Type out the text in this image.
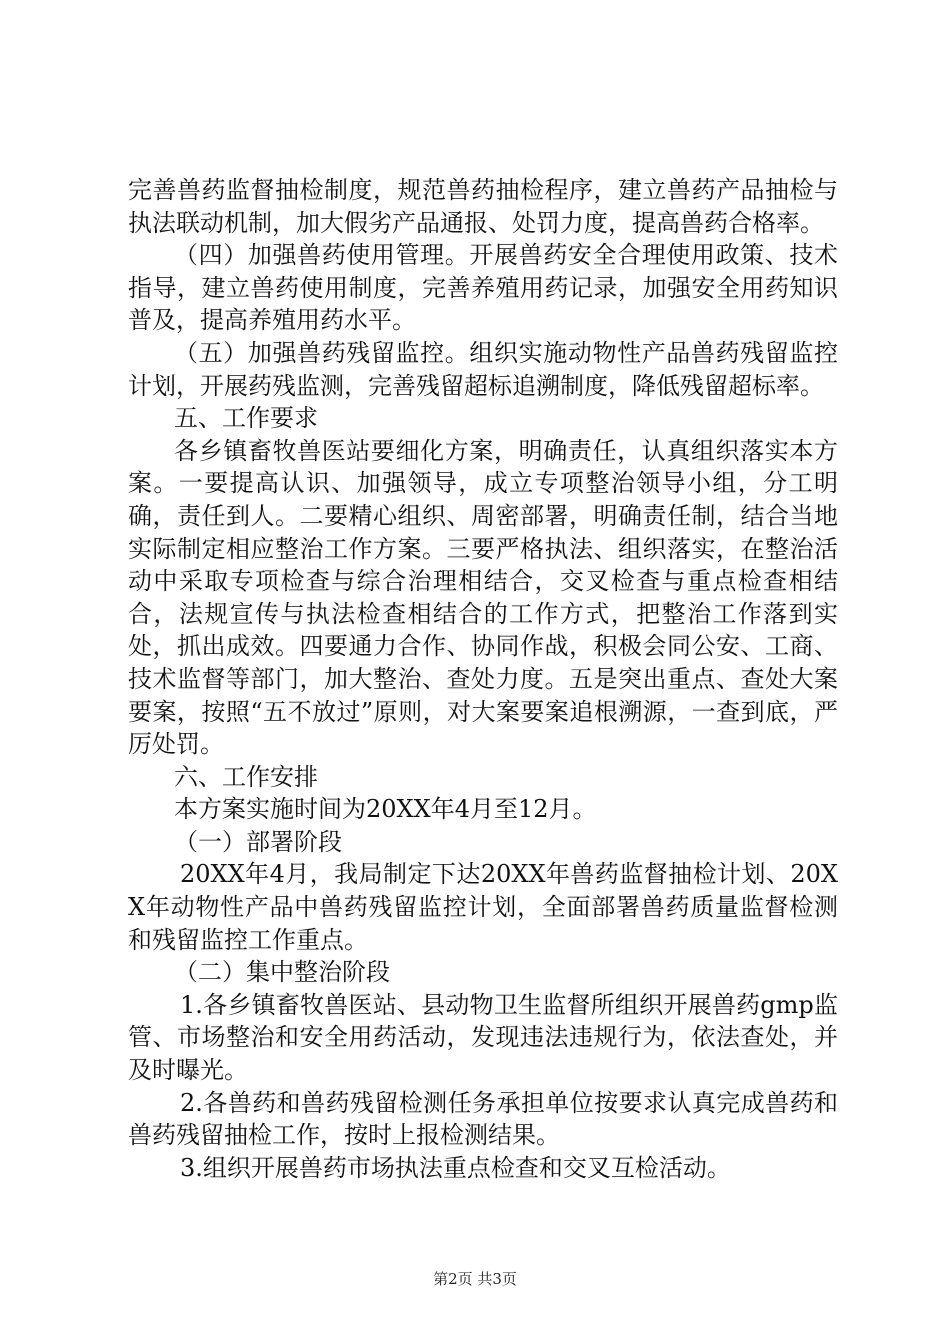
完善兽药监督抽检制度，规范兽药抽检程序，建立兽药产品抽检与执法联动机制，加大假劣产品通报、处罚力度，提高兽药合格率。

（四）加强兽药使用管理。开展兽药安全合理使用政策、技术指导，建立兽药使用制度，完善养殖用药记录，加强安全用药知识普及，提高养殖用药水平。

（五）加强兽药残留监控。组织实施动物性产品兽药残留监控计划，开展药残监测，完善残留超标追溯制度，降低残留超标率。

五、工作要求

各乡镇畜牧兽医站要细化方案，明确责任，认真组织落实本方案。一要提高认识、加强领导，成立专项整治领导小组，分工明确，责任到人。二要精心组织、周密部署，明确责任制，结合当地实际制定相应整治工作方案。三要严格执法、组织落实，在整治活动中采取专项检查与综合治理相结合，交叉检查与重点检查相结合，法规宣传与执法检查相结合的工作方式，把整治工作落到实处，抓出成效。四要通力合作、协同作战，积极会同公安、工商、技术监督等部门，加大整治、查处力度。五是突出重点、查处大案要案，按照“五不放过”原则，对大案要案追根溯源，一查到底，严厉处罚。

六、工作安排

本方案实施时间为20XX年4月至12月。

（一）部署阶段

20XX年4月，我局制定下达20XX年兽药监督抽检计划、20XX年动物性产品中兽药残留监控计划，全面部署兽药质量监督检测和残留监控工作重点。

（二）集中整治阶段

1.各乡镇畜牧兽医站、县动物卫生监督所组织开展兽药gmp监管、市场整治和安全用药活动，发现违法违规行为，依法查处，并及时曝光。

2.各兽药和兽药残留检测任务承担单位按要求认真完成兽药和兽药残留抽检工作，按时上报检测结果。

3.组织开展兽药市场执法重点检查和交叉互检活动。

第2页 共3页
